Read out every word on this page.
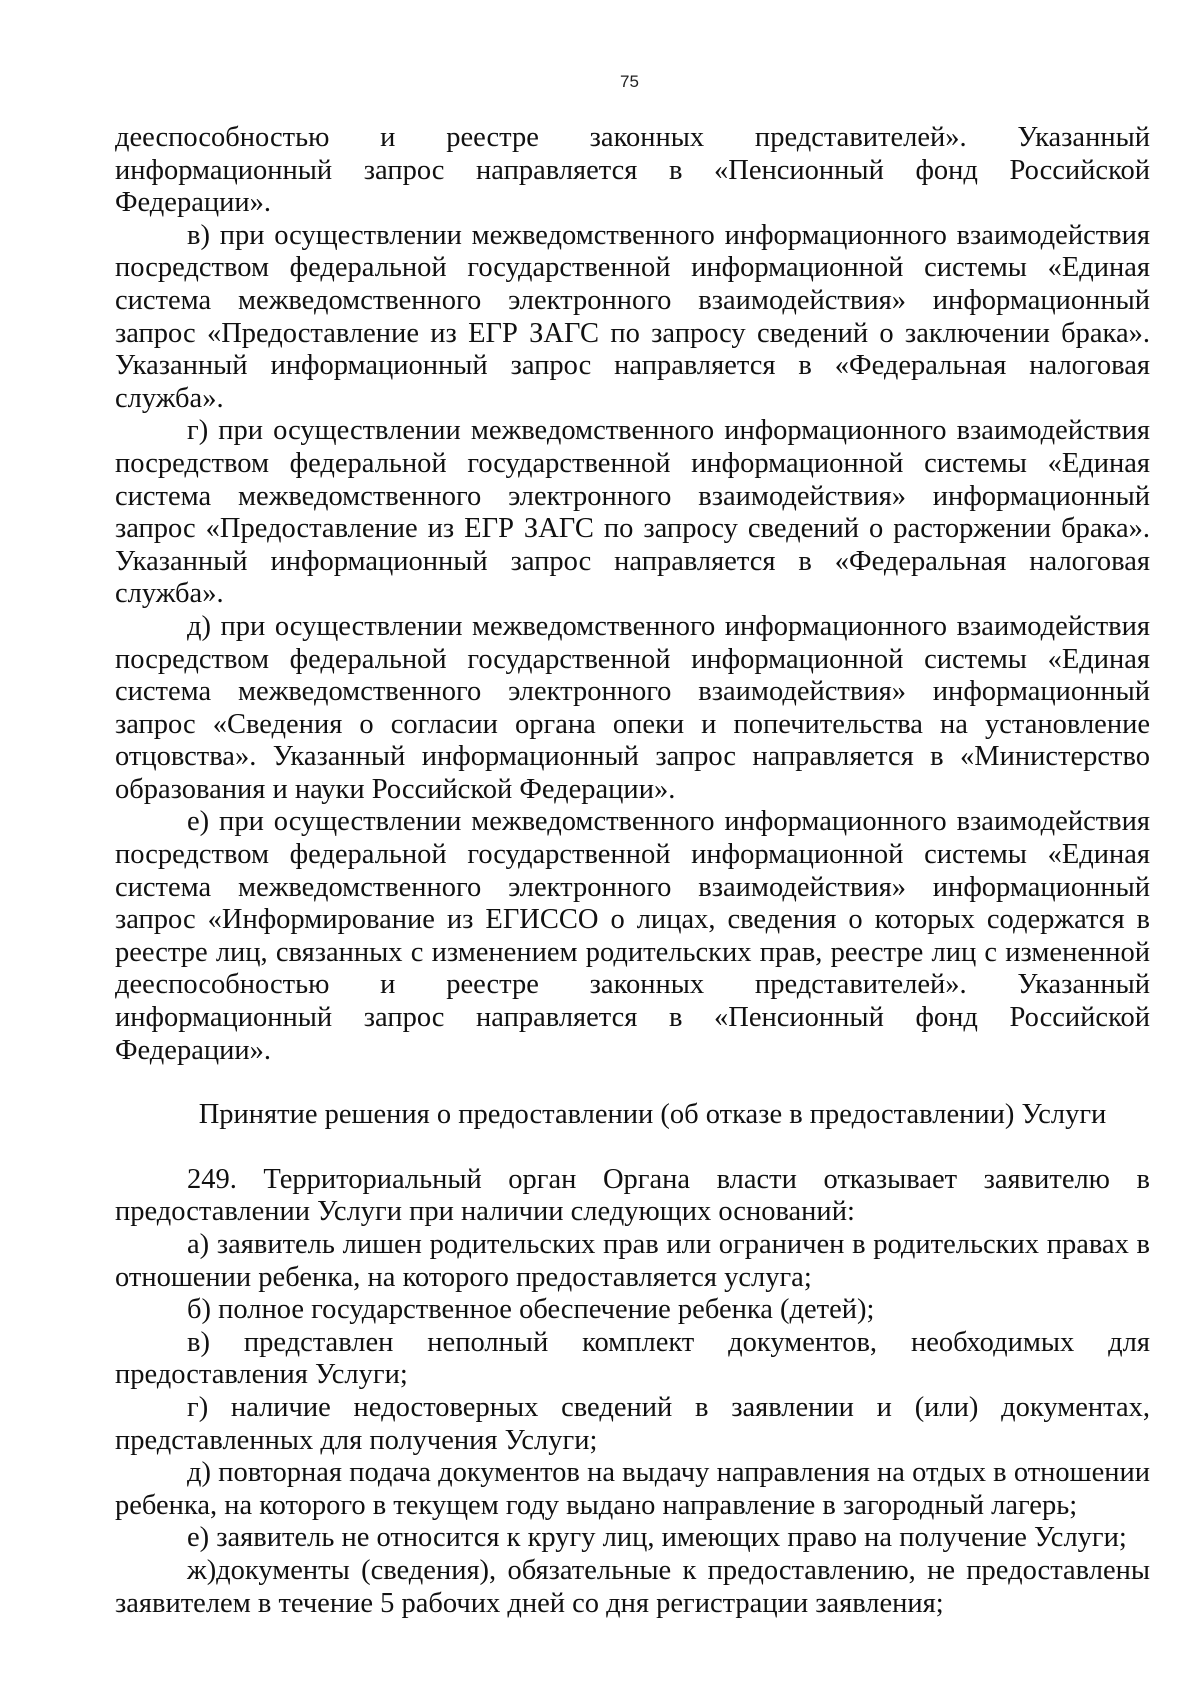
75

дееспособностью и реестре законных представителей». Указанный информационный запрос направляется в «Пенсионный фонд Российской Федерации».

в) при осуществлении межведомственного информационного взаимодействия посредством федеральной государственной информационной системы «Единая система межведомственного электронного взаимодействия» информационный запрос «Предоставление из ЕГР ЗАГС по запросу сведений о заключении брака». Указанный информационный запрос направляется в «Федеральная налоговая служба».

г) при осуществлении межведомственного информационного взаимодействия посредством федеральной государственной информационной системы «Единая система межведомственного электронного взаимодействия» информационный запрос «Предоставление из ЕГР ЗАГС по запросу сведений о расторжении брака». Указанный информационный запрос направляется в «Федеральная налоговая служба».

д) при осуществлении межведомственного информационного взаимодействия посредством федеральной государственной информационной системы «Единая система межведомственного электронного взаимодействия» информационный запрос «Сведения о согласии органа опеки и попечительства на установление отцовства». Указанный информационный запрос направляется в «Министерство образования и науки Российской Федерации».

е) при осуществлении межведомственного информационного взаимодействия посредством федеральной государственной информационной системы «Единая система межведомственного электронного взаимодействия» информационный запрос «Информирование из ЕГИССО о лицах, сведения о которых содержатся в реестре лиц, связанных с изменением родительских прав, реестре лиц с измененной дееспособностью и реестре законных представителей». Указанный информационный запрос направляется в «Пенсионный фонд Российской Федерации».

Принятие решения о предоставлении (об отказе в предоставлении) Услуги

249. Территориальный орган Органа власти отказывает заявителю в предоставлении Услуги при наличии следующих оснований:

а) заявитель лишен родительских прав или ограничен в родительских правах в отношении ребенка, на которого предоставляется услуга;

б) полное государственное обеспечение ребенка (детей);

в) представлен неполный комплект документов, необходимых для предоставления Услуги;

г) наличие недостоверных сведений в заявлении и (или) документах, представленных для получения Услуги;

д) повторная подача документов на выдачу направления на отдых в отношении ребенка, на которого в текущем году выдано направление в загородный лагерь;

е) заявитель не относится к кругу лиц, имеющих право на получение Услуги;

ж)документы (сведения), обязательные к предоставлению, не предоставлены заявителем в течение 5 рабочих дней со дня регистрации заявления;
